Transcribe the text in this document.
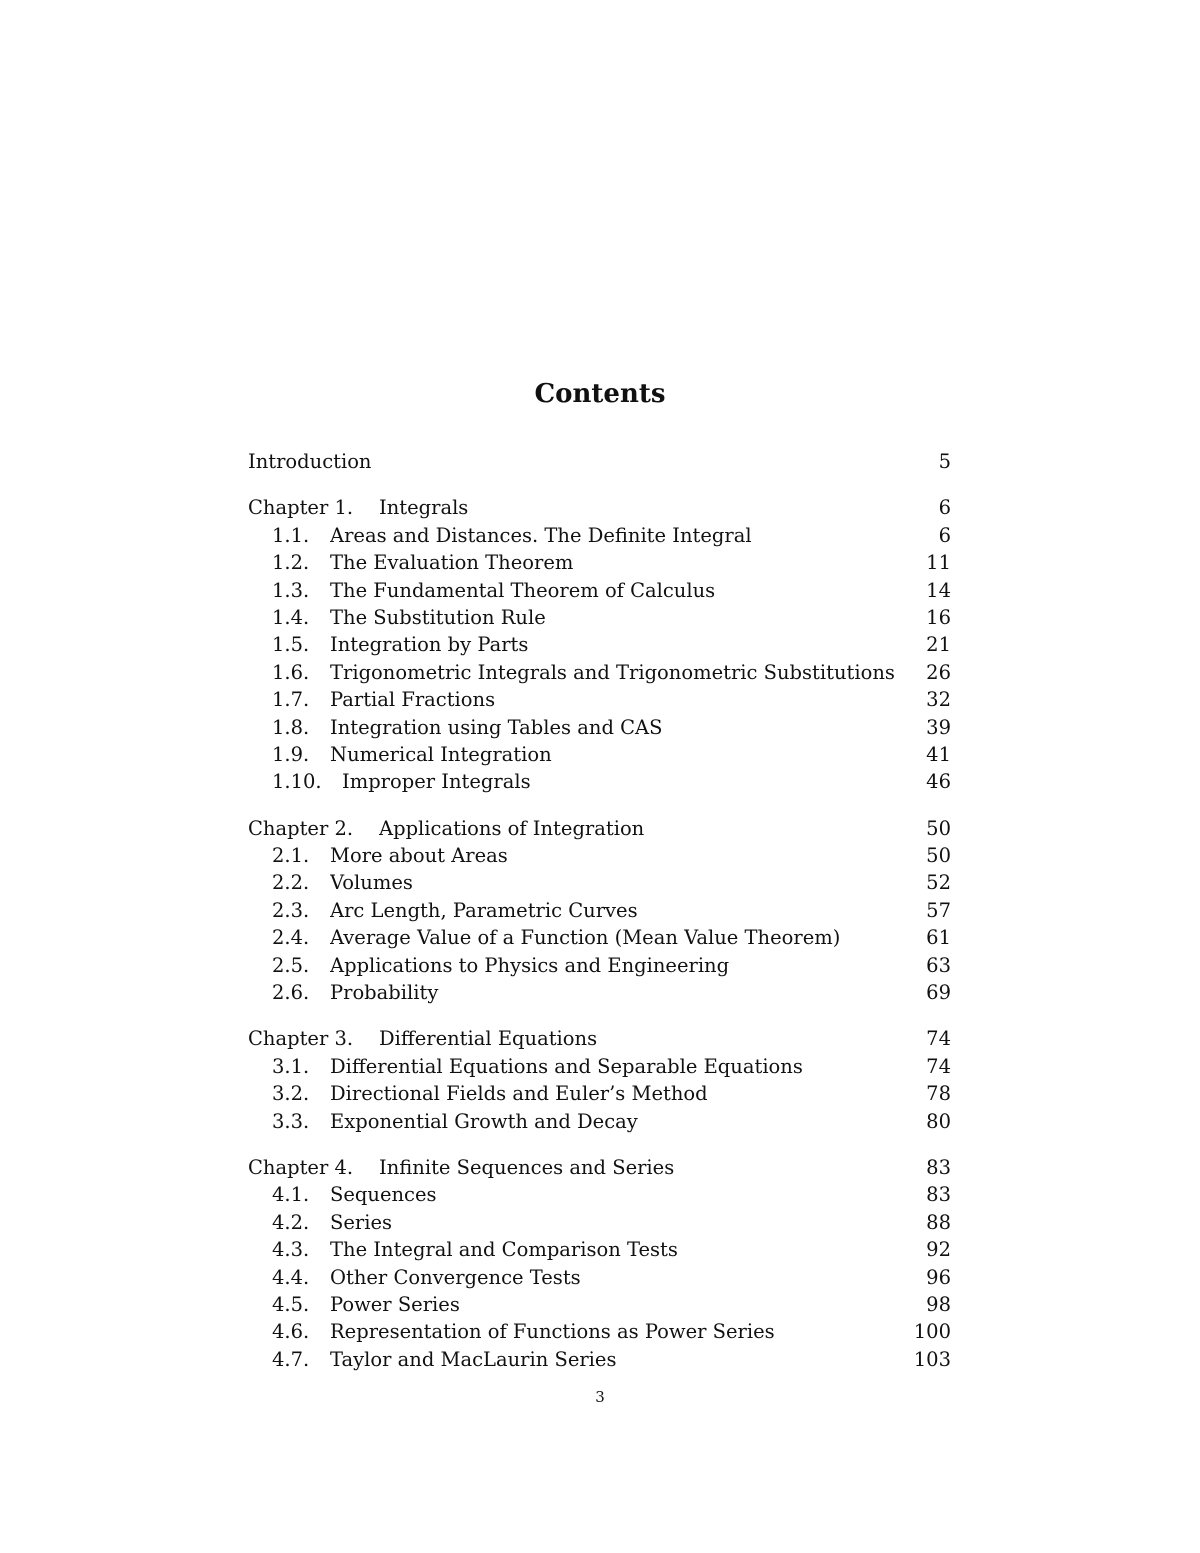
Contents
Introduction	5
Chapter 1.	Integrals	6
1.1.	Areas and Distances. The Definite Integral	6
1.2.	The Evaluation Theorem	11
1.3.	The Fundamental Theorem of Calculus	14
1.4.	The Substitution Rule	16
1.5.	Integration by Parts	21
1.6.	Trigonometric Integrals and Trigonometric Substitutions	26
1.7.	Partial Fractions	32
1.8.	Integration using Tables and CAS	39
1.9.	Numerical Integration	41
1.10.	Improper Integrals	46
Chapter 2.	Applications of Integration	50
2.1.	More about Areas	50
2.2.	Volumes	52
2.3.	Arc Length, Parametric Curves	57
2.4.	Average Value of a Function (Mean Value Theorem)	61
2.5.	Applications to Physics and Engineering	63
2.6.	Probability	69
Chapter 3.	Differential Equations	74
3.1.	Differential Equations and Separable Equations	74
3.2.	Directional Fields and Euler’s Method	78
3.3.	Exponential Growth and Decay	80
Chapter 4.	Infinite Sequences and Series	83
4.1.	Sequences	83
4.2.	Series	88
4.3.	The Integral and Comparison Tests	92
4.4.	Other Convergence Tests	96
4.5.	Power Series	98
4.6.	Representation of Functions as Power Series	100
4.7.	Taylor and MacLaurin Series	103
3
